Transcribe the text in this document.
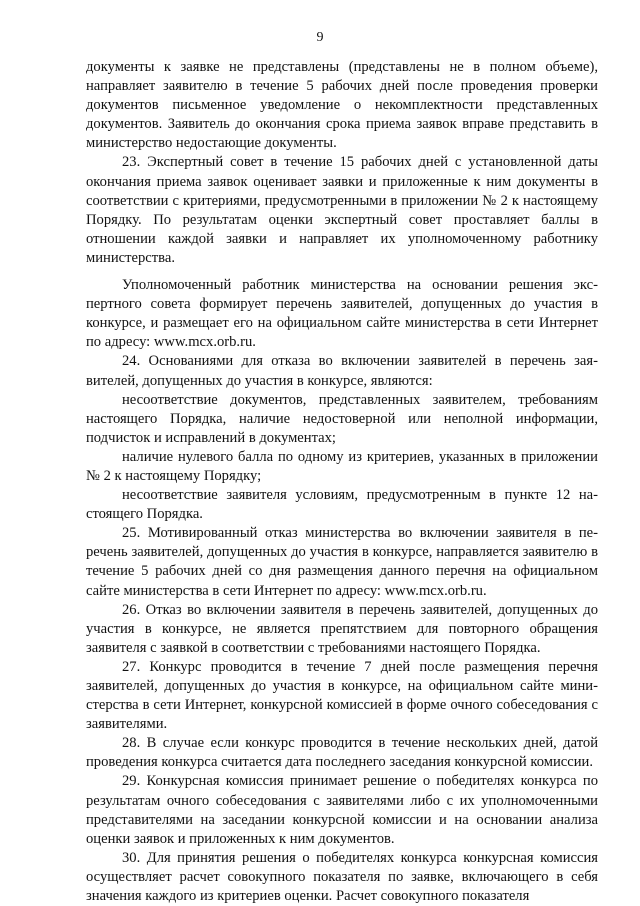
9

документы к заявке не представлены (представлены не в полном объеме), направляет заявителю в течение 5 рабочих дней после проведения проверки документов письменное уведомление о некомплектности представленных документов. Заявитель до окончания срока приема заявок вправе представить в министерство недостающие документы.

23. Экспертный совет в течение 15 рабочих дней с установленной даты окончания приема заявок оценивает заявки и приложенные к ним документы в соответствии с критериями, предусмотренными в приложении № 2 к настоящему Порядку. По результатам оценки экспертный совет проставляет баллы в отношении каждой заявки и направляет их уполномоченному работнику министерства.

Уполномоченный работник министерства на основании решения экспертного совета формирует перечень заявителей, допущенных до участия в конкурсе, и размещает его на официальном сайте министерства в сети Интернет по адресу: www.mcx.orb.ru.

24. Основаниями для отказа во включении заявителей в перечень заявителей, допущенных до участия в конкурсе, являются:

несоответствие документов, представленных заявителем, требованиям настоящего Порядка, наличие недостоверной или неполной информации, подчисток и исправлений в документах;

наличие нулевого балла по одному из критериев, указанных в приложении № 2 к настоящему Порядку;

несоответствие заявителя условиям, предусмотренным в пункте 12 настоящего Порядка.

25. Мотивированный отказ министерства во включении заявителя в перечень заявителей, допущенных до участия в конкурсе, направляется заявителю в течение 5 рабочих дней со дня размещения данного перечня на официальном сайте министерства в сети Интернет по адресу: www.mcx.orb.ru.

26. Отказ во включении заявителя в перечень заявителей, допущенных до участия в конкурсе, не является препятствием для повторного обращения заявителя с заявкой в соответствии с требованиями настоящего Порядка.

27. Конкурс проводится в течение 7 дней после размещения перечня заявителей, допущенных до участия в конкурсе, на официальном сайте министерства в сети Интернет, конкурсной комиссией в форме очного собеседования с заявителями.

28. В случае если конкурс проводится в течение нескольких дней, датой проведения конкурса считается дата последнего заседания конкурсной комиссии.

29. Конкурсная комиссия принимает решение о победителях конкурса по результатам очного собеседования с заявителями либо с их уполномоченными представителями на заседании конкурсной комиссии и на основании анализа оценки заявок и приложенных к ним документов.

30. Для принятия решения о победителях конкурса конкурсная комиссия осуществляет расчет совокупного показателя по заявке, включающего в себя значения каждого из критериев оценки. Расчет совокупного показателя
